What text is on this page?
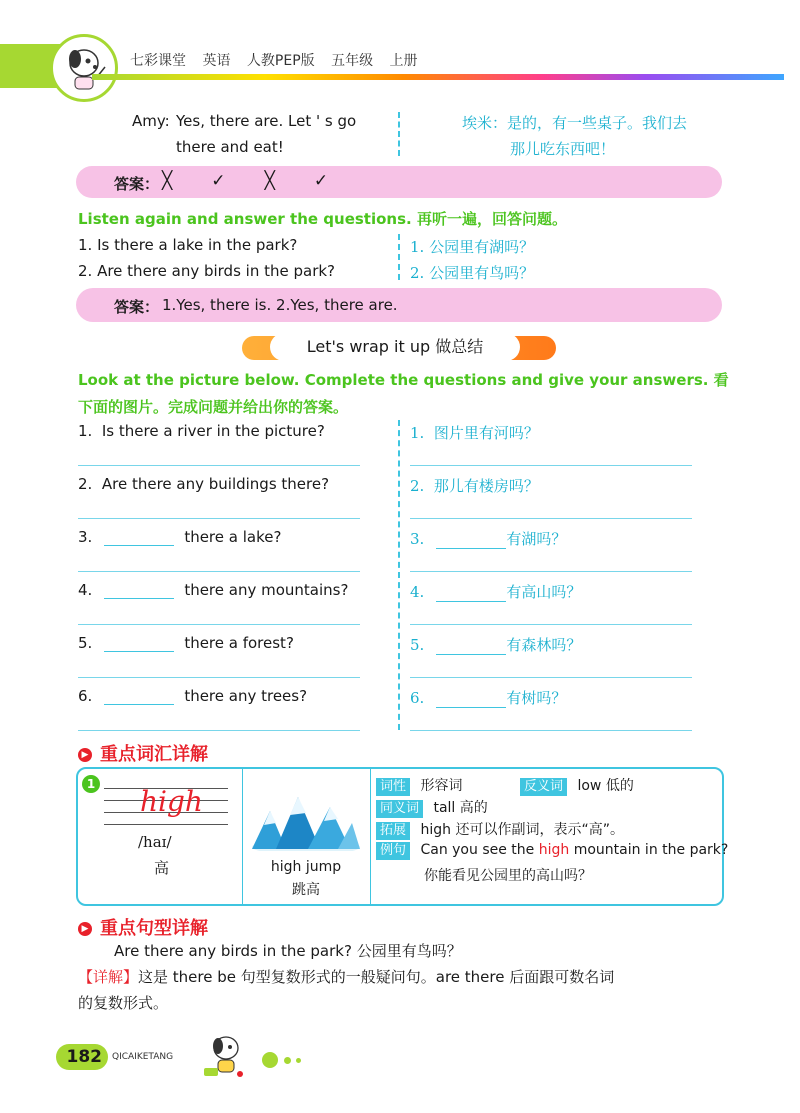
七彩课堂 英语 人教PEP版 五年级 上册
Amy: Yes, there are. Let ' s go
there and eat!
埃米：是的，有一些桌子。我们去
那儿吃东西吧！
答案： ╳ ✓ ╳ ✓
Listen again and answer the questions. 再听一遍，回答问题。
1. Is there a lake in the park?
2. Are there any birds in the park?
1. 公园里有湖吗？
2. 公园里有鸟吗？
答案： 1.Yes, there is. 2.Yes, there are.
Let's wrap it up 做总结
Look at the picture below. Complete the questions and give your answers. 看
下面的图片。完成问题并给出你的答案。
1. Is there a river in the picture?	1. 图片里有河吗？
2. Are there any buildings there?	2. 那儿有楼房吗？
3.	there a lake?	3.	有湖吗？
4.	there any mountains?	4.	有高山吗？
5.	there a forest?	5.	有森林吗？
6.	there any trees?	6.	有树吗？
▶ 重点词汇详解
1
high
/haɪ/
高	high jump
跳高
词性 形容词	反义词 low 低的
同义词 tall 高的
拓展 high 还可以作副词，表示“高”。
例句 Can you see the high mountain in the park?
你能看见公园里的高山吗？
▶ 重点句型详解
Are there any birds in the park? 公园里有鸟吗？
【详解】这是 there be 句型复数形式的一般疑问句。are there 后面跟可数名词
的复数形式。
182	QICAIKETANG
